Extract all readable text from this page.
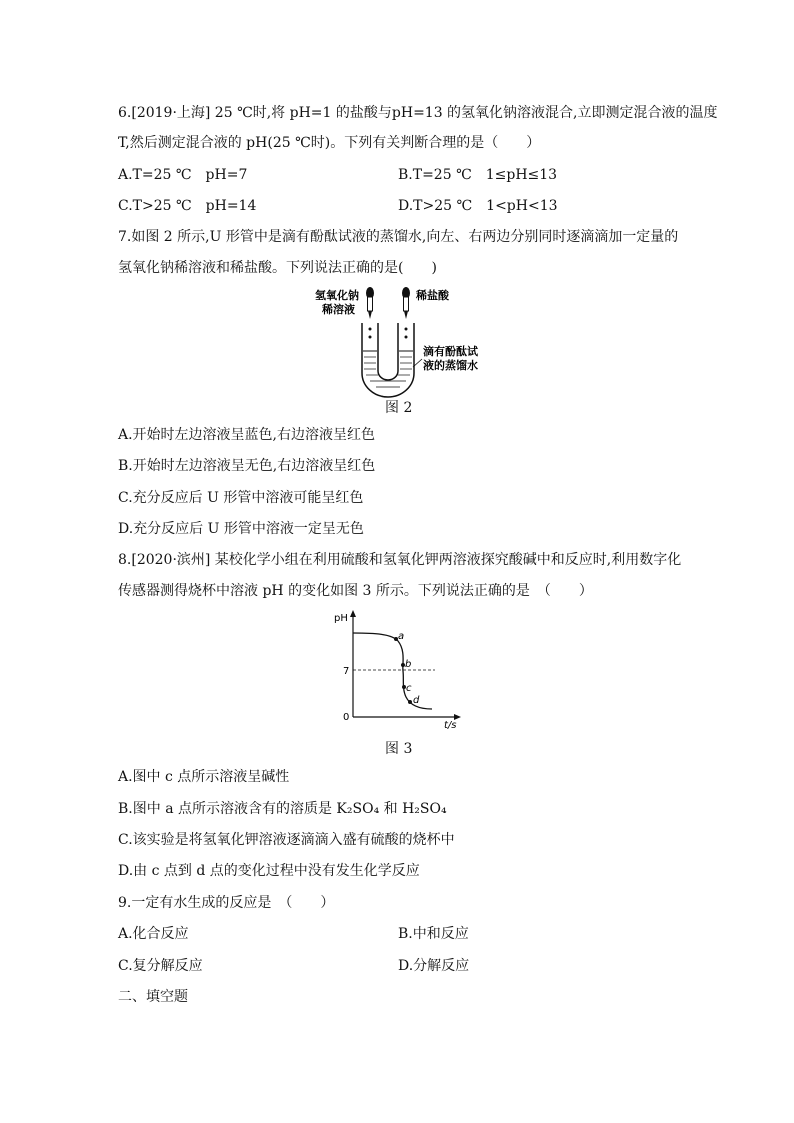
6.[2019·上海] 25 ℃时,将 pH=1 的盐酸与pH=13 的氢氧化钠溶液混合,立即测定混合液的温度
T,然后测定混合液的 pH(25 ℃时)。下列有关判断合理的是（　　）
A.T=25 ℃　pH=7	B.T=25 ℃　1≤pH≤13
C.T>25 ℃　pH=14	D.T>25 ℃　1<pH<13
7.如图 2 所示,U 形管中是滴有酚酞试液的蒸馏水,向左、右两边分别同时逐滴滴加一定量的
氢氧化钠稀溶液和稀盐酸。下列说法正确的是(　　)
氢氧化钠
稀溶液
稀盐酸
滴有酚酞试
液的蒸馏水
图 2
A.开始时左边溶液呈蓝色,右边溶液呈红色
B.开始时左边溶液呈无色,右边溶液呈红色
C.充分反应后 U 形管中溶液可能呈红色
D.充分反应后 U 形管中溶液一定呈无色
8.[2020·滨州] 某校化学小组在利用硫酸和氢氧化钾两溶液探究酸碱中和反应时,利用数字化
传感器测得烧杯中溶液 pH 的变化如图 3 所示。下列说法正确的是　（　　）
pH
t/s
7
0
a
b
c
d
图 3
A.图中 c 点所示溶液呈碱性
B.图中 a 点所示溶液含有的溶质是 K₂SO₄ 和 H₂SO₄
C.该实验是将氢氧化钾溶液逐滴滴入盛有硫酸的烧杯中
D.由 c 点到 d 点的变化过程中没有发生化学反应
9.一定有水生成的反应是　（　　）
A.化合反应	B.中和反应
C.复分解反应	D.分解反应
二、填空题
